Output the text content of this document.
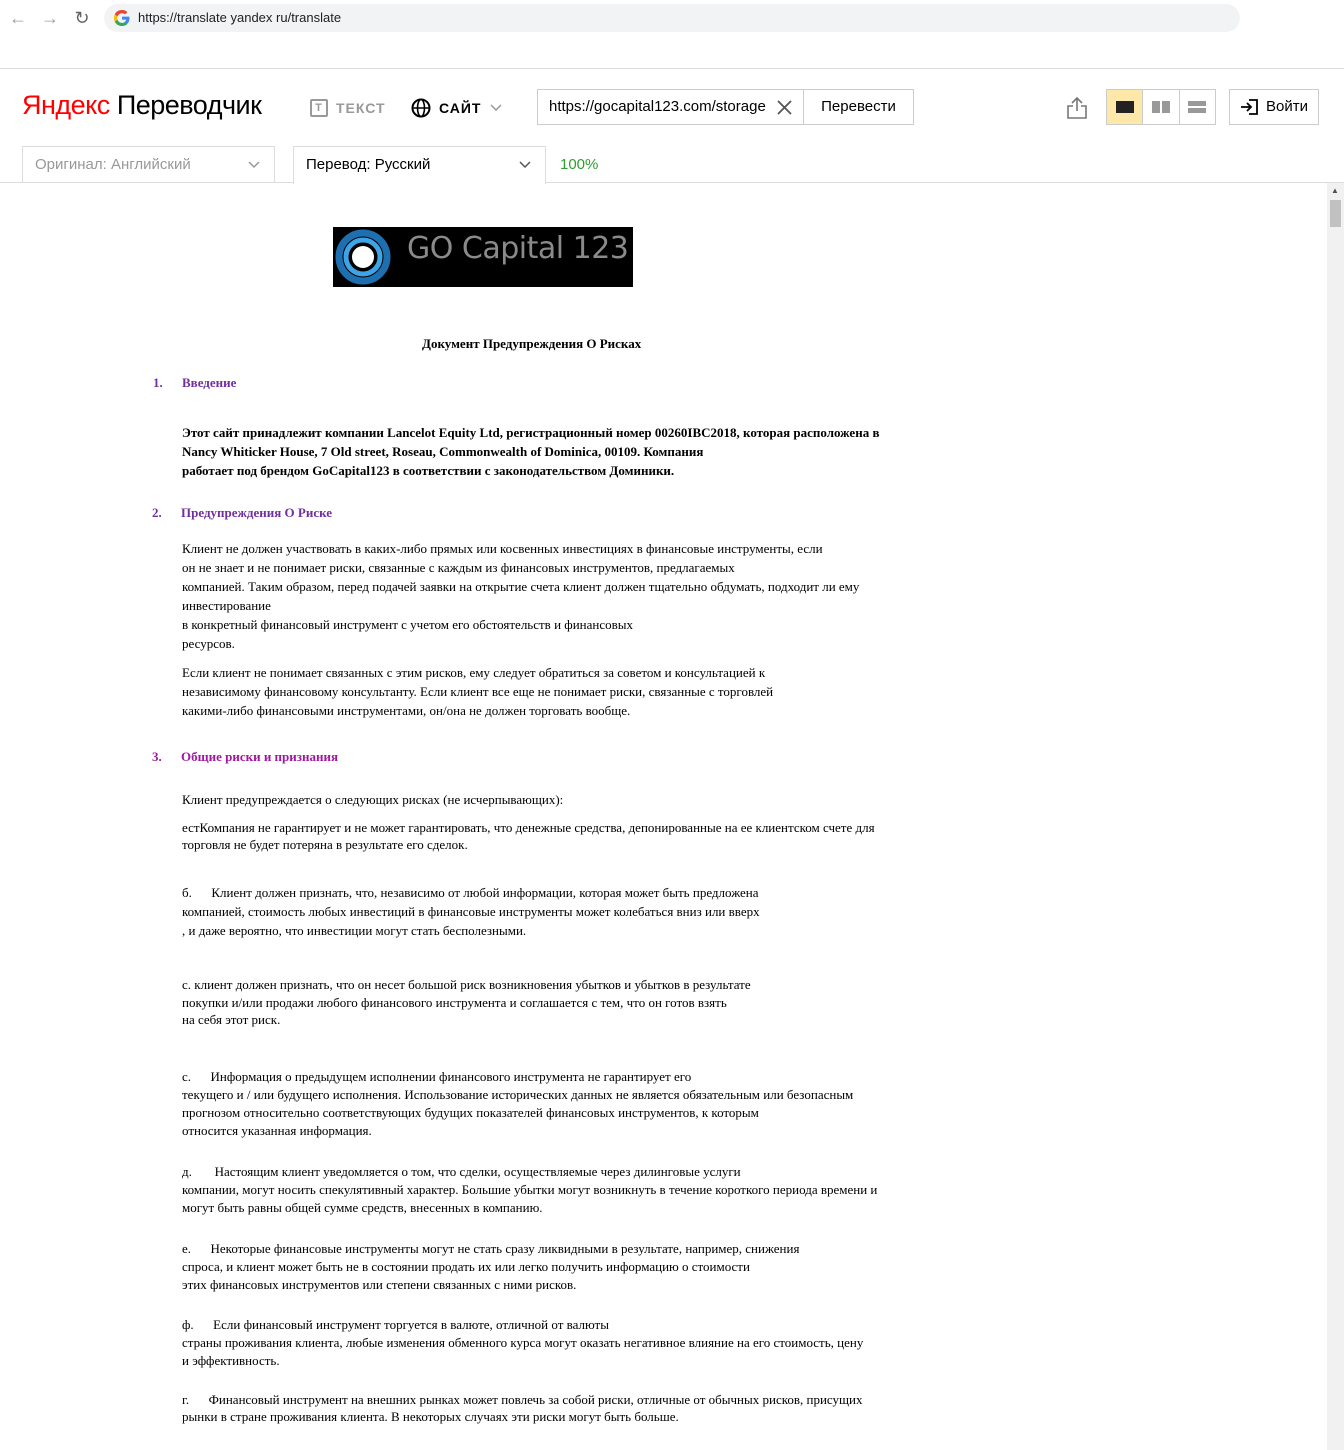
← → ↻	https://translate yandex ru/translate
Яндекс Переводчик	T ТЕКСТ	САЙТ	https://gocapital123.com/storage	Перевести	Войти
Оригинал: Английский	Перевод: Русский	100%
▲
GO Capital 123
Документ Предупреждения О Рисках
1. Введение
Этот сайт принадлежит компании Lancelot Equity Ltd, регистрационный номер 00260IBC2018, которая расположена в
Nancy Whiticker House, 7 Old street, Roseau, Commonwealth of Dominica, 00109. Компания
работает под брендом GoCapital123 в соответствии с законодательством Доминики.
2. Предупреждения О Риске
Клиент не должен участвовать в каких-либо прямых или косвенных инвестициях в финансовые инструменты, если
он не знает и не понимает риски, связанные с каждым из финансовых инструментов, предлагаемых
компанией. Таким образом, перед подачей заявки на открытие счета клиент должен тщательно обдумать, подходит ли ему
инвестирование
в конкретный финансовый инструмент с учетом его обстоятельств и финансовых
ресурсов.
Если клиент не понимает связанных с этим рисков, ему следует обратиться за советом и консультацией к
независимому финансовому консультанту. Если клиент все еще не понимает риски, связанные с торговлей
какими-либо финансовыми инструментами, он/она не должен торговать вообще.
3. Общие риски и признания
Клиент предупреждается о следующих рисках (не исчерпывающих):
естКомпания не гарантирует и не может гарантировать, что денежные средства, депонированные на ее клиентском счете для
торговля не будет потеряна в результате его сделок.
б.      Клиент должен признать, что, независимо от любой информации, которая может быть предложена
компанией, стоимость любых инвестиций в финансовые инструменты может колебаться вниз или вверх
, и даже вероятно, что инвестиции могут стать бесполезными.
с. клиент должен признать, что он несет большой риск возникновения убытков и убытков в результате
покупки и/или продажи любого финансового инструмента и соглашается с тем, что он готов взять
на себя этот риск.
с.      Информация о предыдущем исполнении финансового инструмента не гарантирует его
текущего и / или будущего исполнения. Использование исторических данных не является обязательным или безопасным
прогнозом относительно соответствующих будущих показателей финансовых инструментов, к которым
относится указанная информация.
д.       Настоящим клиент уведомляется о том, что сделки, осуществляемые через дилинговые услуги
компании, могут носить спекулятивный характер. Большие убытки могут возникнуть в течение короткого периода времени и
могут быть равны общей сумме средств, внесенных в компанию.
е.      Некоторые финансовые инструменты могут не стать сразу ликвидными в результате, например, снижения
спроса, и клиент может быть не в состоянии продать их или легко получить информацию о стоимости
этих финансовых инструментов или степени связанных с ними рисков.
ф.      Если финансовый инструмент торгуется в валюте, отличной от валюты
страны проживания клиента, любые изменения обменного курса могут оказать негативное влияние на его стоимость, цену
и эффективность.
г.      Финансовый инструмент на внешних рынках может повлечь за собой риски, отличные от обычных рисков, присущих
рынки в стране проживания клиента. В некоторых случаях эти риски могут быть больше.
